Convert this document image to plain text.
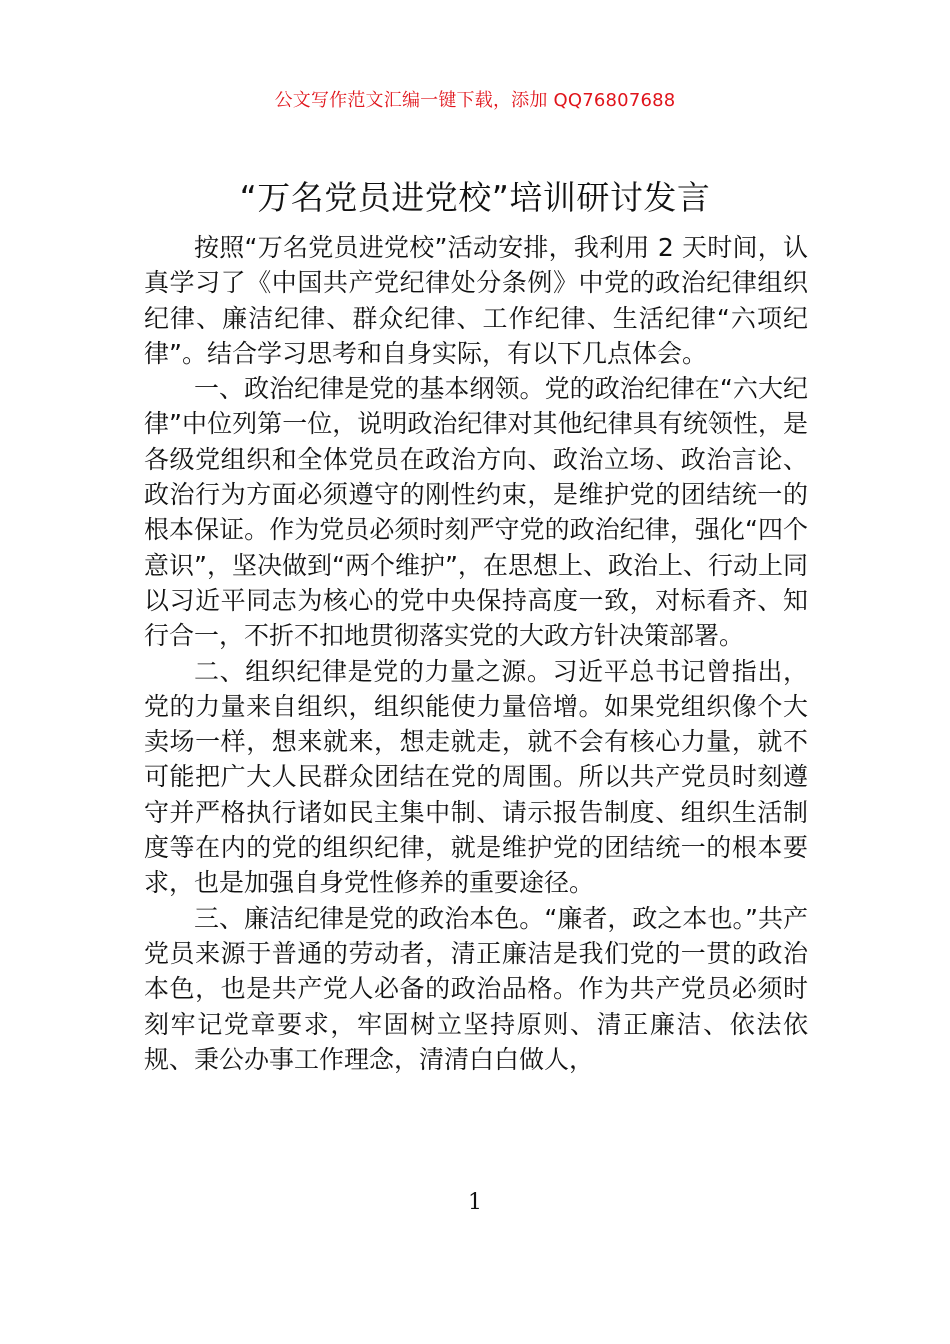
公文写作范文汇编一键下载，添加 QQ76807688
“万名党员进党校”培训研讨发言

按照“万名党员进党校”活动安排，我利用 2 天时间，认真学习了《中国共产党纪律处分条例》中党的政治纪律组织纪律、廉洁纪律、群众纪律、工作纪律、生活纪律“六项纪律”。结合学习思考和自身实际，有以下几点体会。

一、政治纪律是党的基本纲领。党的政治纪律在“六大纪律”中位列第一位，说明政治纪律对其他纪律具有统领性，是各级党组织和全体党员在政治方向、政治立场、政治言论、政治行为方面必须遵守的刚性约束，是维护党的团结统一的根本保证。作为党员必须时刻严守党的政治纪律，强化“四个意识”，坚决做到“两个维护”，在思想上、政治上、行动上同以习近平同志为核心的党中央保持高度一致，对标看齐、知行合一，不折不扣地贯彻落实党的大政方针决策部署。

二、组织纪律是党的力量之源。习近平总书记曾指出，党的力量来自组织，组织能使力量倍增。如果党组织像个大卖场一样，想来就来，想走就走，就不会有核心力量，就不可能把广大人民群众团结在党的周围。所以共产党员时刻遵守并严格执行诸如民主集中制、请示报告制度、组织生活制度等在内的党的组织纪律，就是维护党的团结统一的根本要求，也是加强自身党性修养的重要途径。

三、廉洁纪律是党的政治本色。“廉者，政之本也。”共产党员来源于普通的劳动者，清正廉洁是我们党的一贯的政治本色，也是共产党人必备的政治品格。作为共产党员必须时刻牢记党章要求，牢固树立坚持原则、清正廉洁、依法依规、秉公办事工作理念，清清白白做人，

1
